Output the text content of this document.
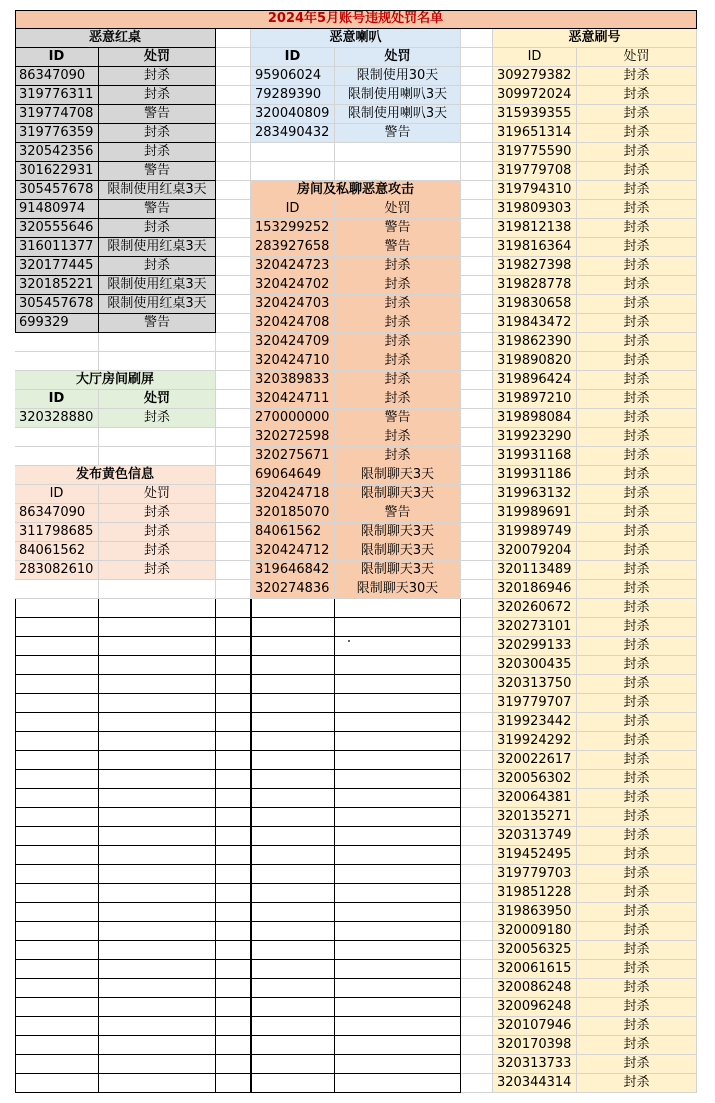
2024年5月账号违规处罚名单
恶意红桌
ID	处罚
86347090	封杀
319776311	封杀
319774708	警告
319776359	封杀
320542356	封杀
301622931	警告
305457678	限制使用红桌3天
91480974	警告
320555646	封杀
316011377	限制使用红桌3天
320177445	封杀
320185221	限制使用红桌3天
305457678	限制使用红桌3天
699329	警告
大厅房间刷屏
ID	处罚
320328880	封杀
发布黄色信息
ID	处罚
86347090	封杀
311798685	封杀
84061562	封杀
283082610	封杀
恶意喇叭
ID	处罚
95906024	限制使用30天
79289390	限制使用喇叭3天
320040809	限制使用喇叭3天
283490432	警告
房间及私聊恶意攻击
ID	处罚
153299252	警告
283927658	警告
320424723	封杀
320424702	封杀
320424703	封杀
320424708	封杀
320424709	封杀
320424710	封杀
320389833	封杀
320424711	封杀
270000000	警告
320272598	封杀
320275671	封杀
69064649	限制聊天3天
320424718	限制聊天3天
320185070	警告
84061562	限制聊天3天
320424712	限制聊天3天
319646842	限制聊天3天
320274836	限制聊天30天
恶意刷号
ID	处罚
309279382	封杀
309972024	封杀
315939355	封杀
319651314	封杀
319775590	封杀
319779708	封杀
319794310	封杀
319809303	封杀
319812138	封杀
319816364	封杀
319827398	封杀
319828778	封杀
319830658	封杀
319843472	封杀
319862390	封杀
319890820	封杀
319896424	封杀
319897210	封杀
319898084	封杀
319923290	封杀
319931168	封杀
319931186	封杀
319963132	封杀
319989691	封杀
319989749	封杀
320079204	封杀
320113489	封杀
320186946	封杀
320260672	封杀
320273101	封杀
320299133	封杀
320300435	封杀
320313750	封杀
319779707	封杀
319923442	封杀
319924292	封杀
320022617	封杀
320056302	封杀
320064381	封杀
320135271	封杀
320313749	封杀
319452495	封杀
319779703	封杀
319851228	封杀
319863950	封杀
320009180	封杀
320056325	封杀
320061615	封杀
320086248	封杀
320096248	封杀
320107946	封杀
320170398	封杀
320313733	封杀
320344314	封杀
